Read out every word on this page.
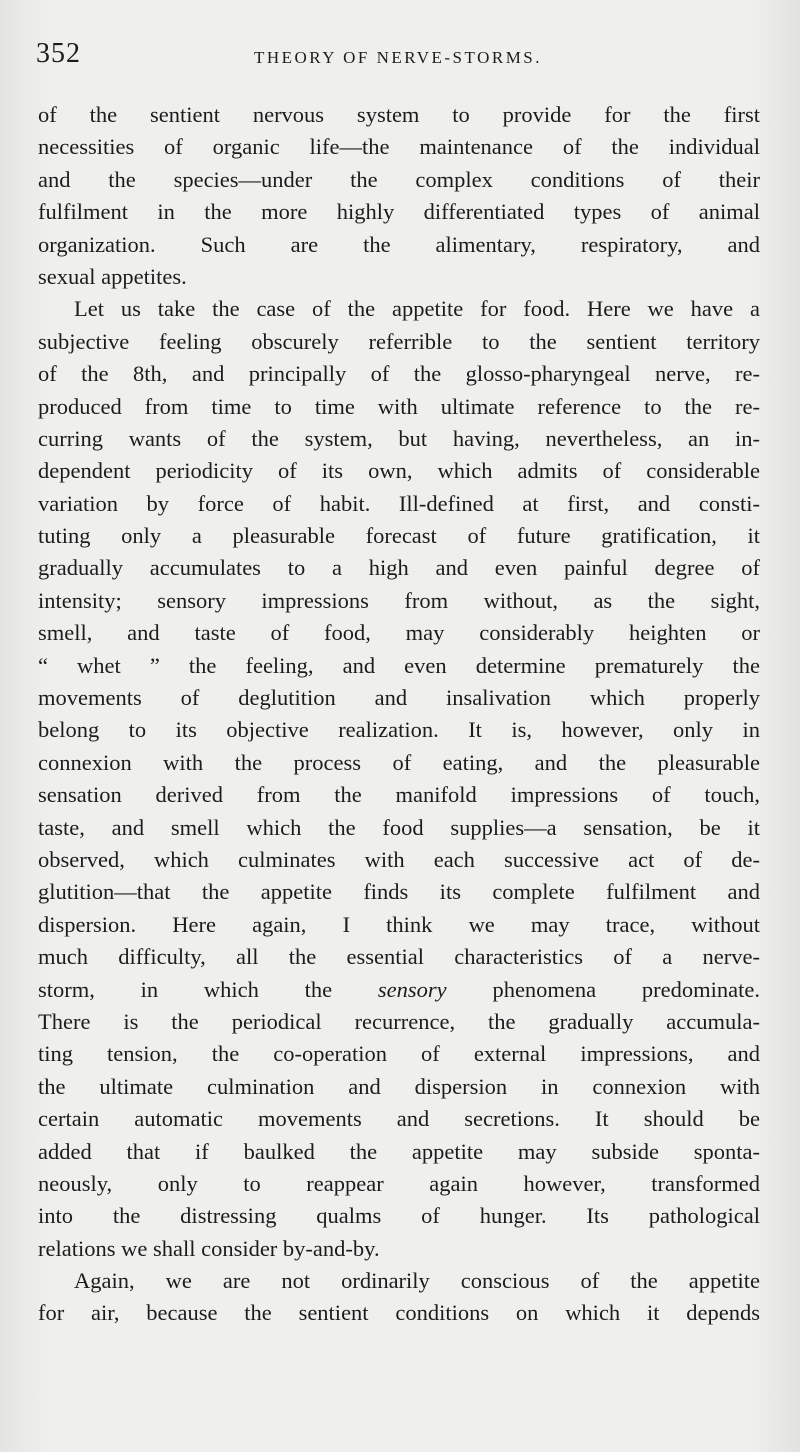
352	THEORY OF NERVE-STORMS.
of the sentient nervous system to provide for the first
necessities of organic life—the maintenance of the individual
and the species—under the complex conditions of their
fulfilment in the more highly differentiated types of animal
organization. Such are the alimentary, respiratory, and
sexual appetites.
Let us take the case of the appetite for food. Here we have a
subjective feeling obscurely referrible to the sentient territory
of the 8th, and principally of the glosso-pharyngeal nerve, re-
produced from time to time with ultimate reference to the re-
curring wants of the system, but having, nevertheless, an in-
dependent periodicity of its own, which admits of considerable
variation by force of habit. Ill-defined at first, and consti-
tuting only a pleasurable forecast of future gratification, it
gradually accumulates to a high and even painful degree of
intensity; sensory impressions from without, as the sight,
smell, and taste of food, may considerably heighten or
“ whet ” the feeling, and even determine prematurely the
movements of deglutition and insalivation which properly
belong to its objective realization. It is, however, only in
connexion with the process of eating, and the pleasurable
sensation derived from the manifold impressions of touch,
taste, and smell which the food supplies—a sensation, be it
observed, which culminates with each successive act of de-
glutition—that the appetite finds its complete fulfilment and
dispersion. Here again, I think we may trace, without
much difficulty, all the essential characteristics of a nerve-
storm, in which the sensory phenomena predominate.
There is the periodical recurrence, the gradually accumula-
ting tension, the co-operation of external impressions, and
the ultimate culmination and dispersion in connexion with
certain automatic movements and secretions. It should be
added that if baulked the appetite may subside sponta-
neously, only to reappear again however, transformed
into the distressing qualms of hunger. Its pathological
relations we shall consider by-and-by.
Again, we are not ordinarily conscious of the appetite
for air, because the sentient conditions on which it depends
